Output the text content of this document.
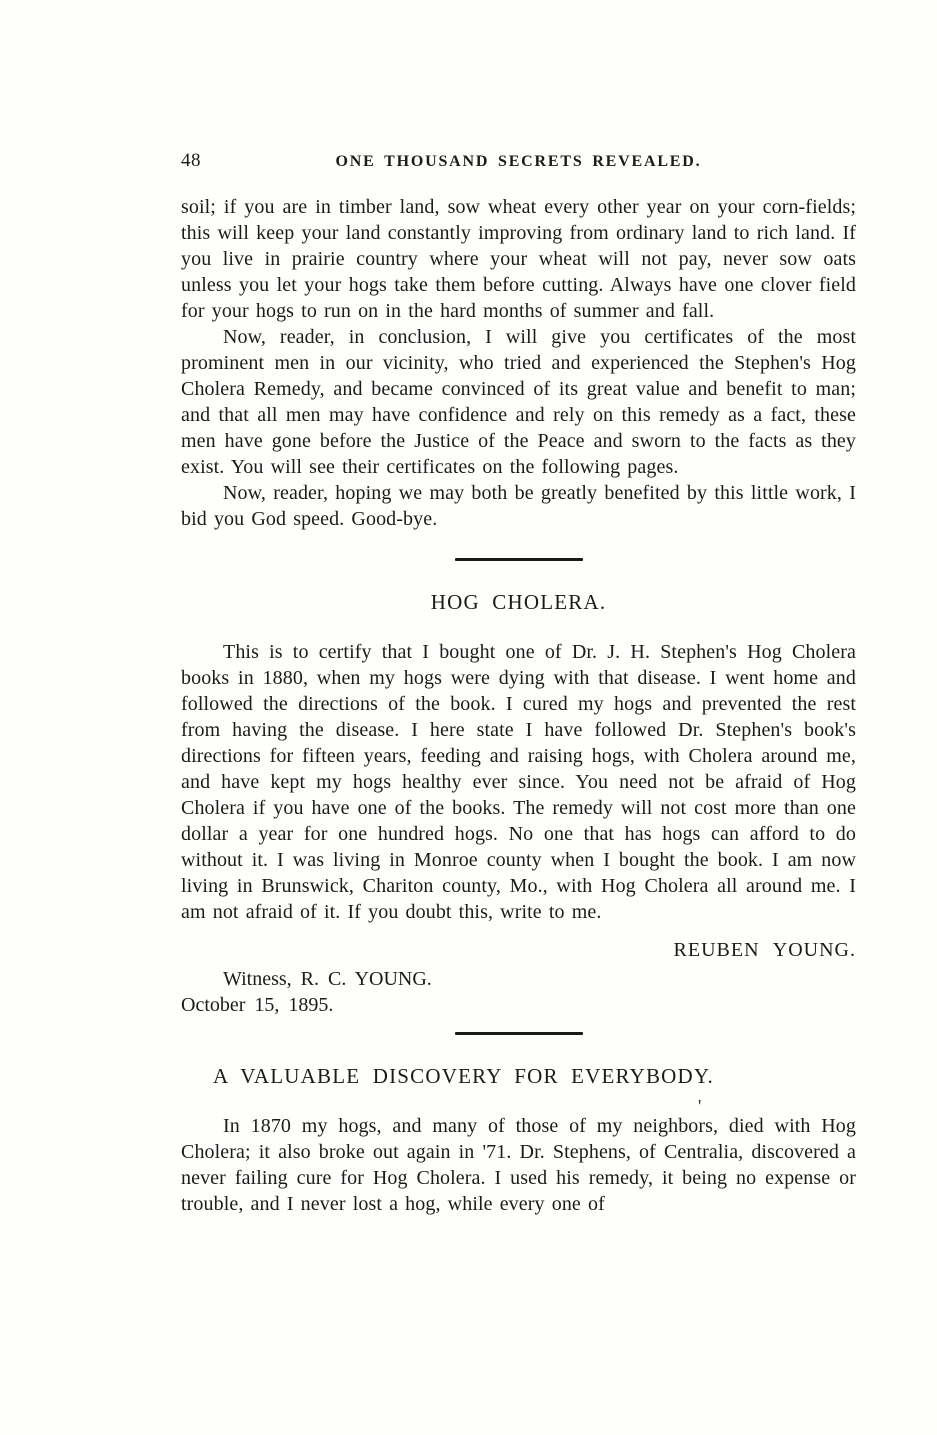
48	ONE THOUSAND SECRETS REVEALED.

soil; if you are in timber land, sow wheat every other year on your corn-fields; this will keep your land constantly improving from ordinary land to rich land. If you live in prairie country where your wheat will not pay, never sow oats unless you let your hogs take them before cutting. Always have one clover field for your hogs to run on in the hard months of summer and fall.

Now, reader, in conclusion, I will give you certificates of the most prominent men in our vicinity, who tried and experienced the Stephen's Hog Cholera Remedy, and became convinced of its great value and benefit to man; and that all men may have confidence and rely on this remedy as a fact, these men have gone before the Justice of the Peace and sworn to the facts as they exist. You will see their certificates on the following pages.

Now, reader, hoping we may both be greatly benefited by this little work, I bid you God speed. Good-bye.

HOG CHOLERA.

This is to certify that I bought one of Dr. J. H. Stephen's Hog Cholera books in 1880, when my hogs were dying with that disease. I went home and followed the directions of the book. I cured my hogs and prevented the rest from having the disease. I here state I have followed Dr. Stephen's book's directions for fifteen years, feeding and raising hogs, with Cholera around me, and have kept my hogs healthy ever since. You need not be afraid of Hog Cholera if you have one of the books. The remedy will not cost more than one dollar a year for one hundred hogs. No one that has hogs can afford to do without it. I was living in Monroe county when I bought the book. I am now living in Brunswick, Chariton county, Mo., with Hog Cholera all around me. I am not afraid of it. If you doubt this, write to me.

REUBEN YOUNG.

Witness, R. C. YOUNG.

October 15, 1895.

A VALUABLE DISCOVERY FOR EVERYBODY.

In 1870 my hogs, and many of those of my neighbors, died with Hog Cholera; it also broke out again in '71. Dr. Stephens, of Centralia, discovered a never failing cure for Hog Cholera. I used his remedy, it being no expense or trouble, and I never lost a hog, while every one of

'
